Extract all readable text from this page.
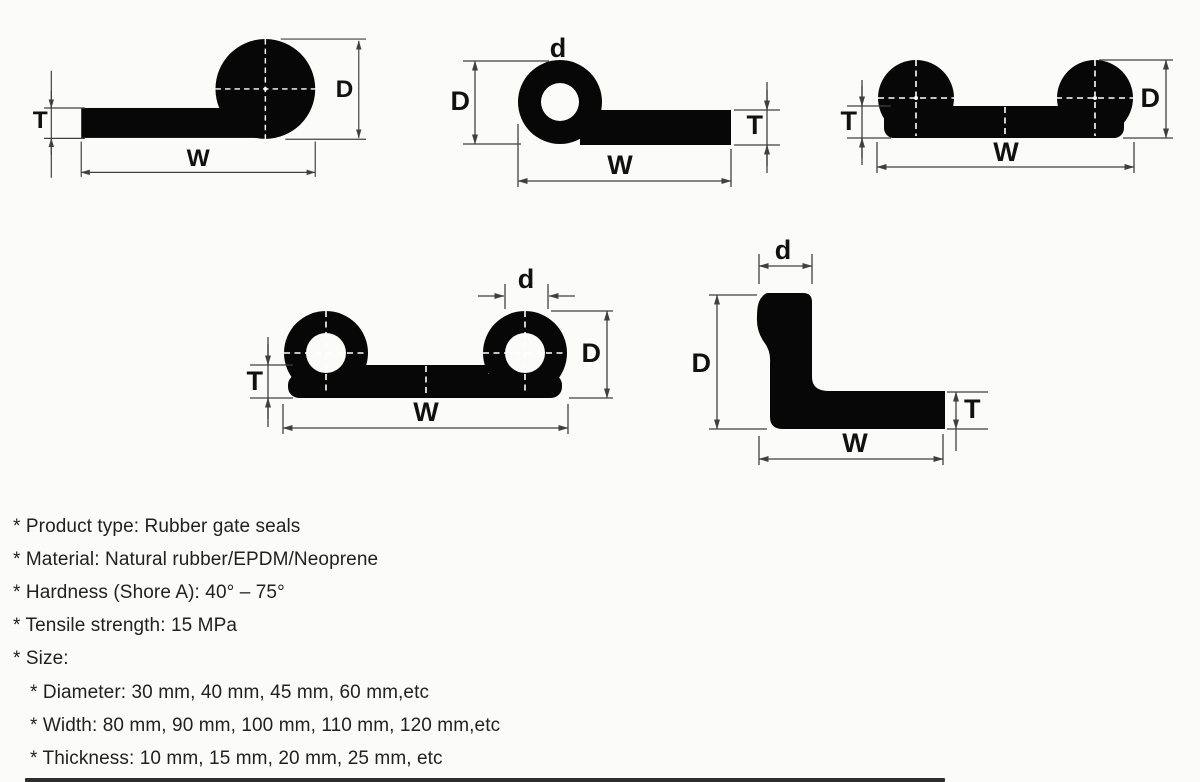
D
T
W
d
D
W
T	T
W
D
d
D
T
W
d
D
W
T
* Product type: Rubber gate seals
* Material: Natural rubber/EPDM/Neoprene
* Hardness (Shore A): 40° – 75°
* Tensile strength: 15 MPa
* Size:
* Diameter: 30 mm, 40 mm, 45 mm, 60 mm,etc
* Width: 80 mm, 90 mm, 100 mm, 110 mm, 120 mm,etc
* Thickness: 10 mm, 15 mm, 20 mm, 25 mm, etc
